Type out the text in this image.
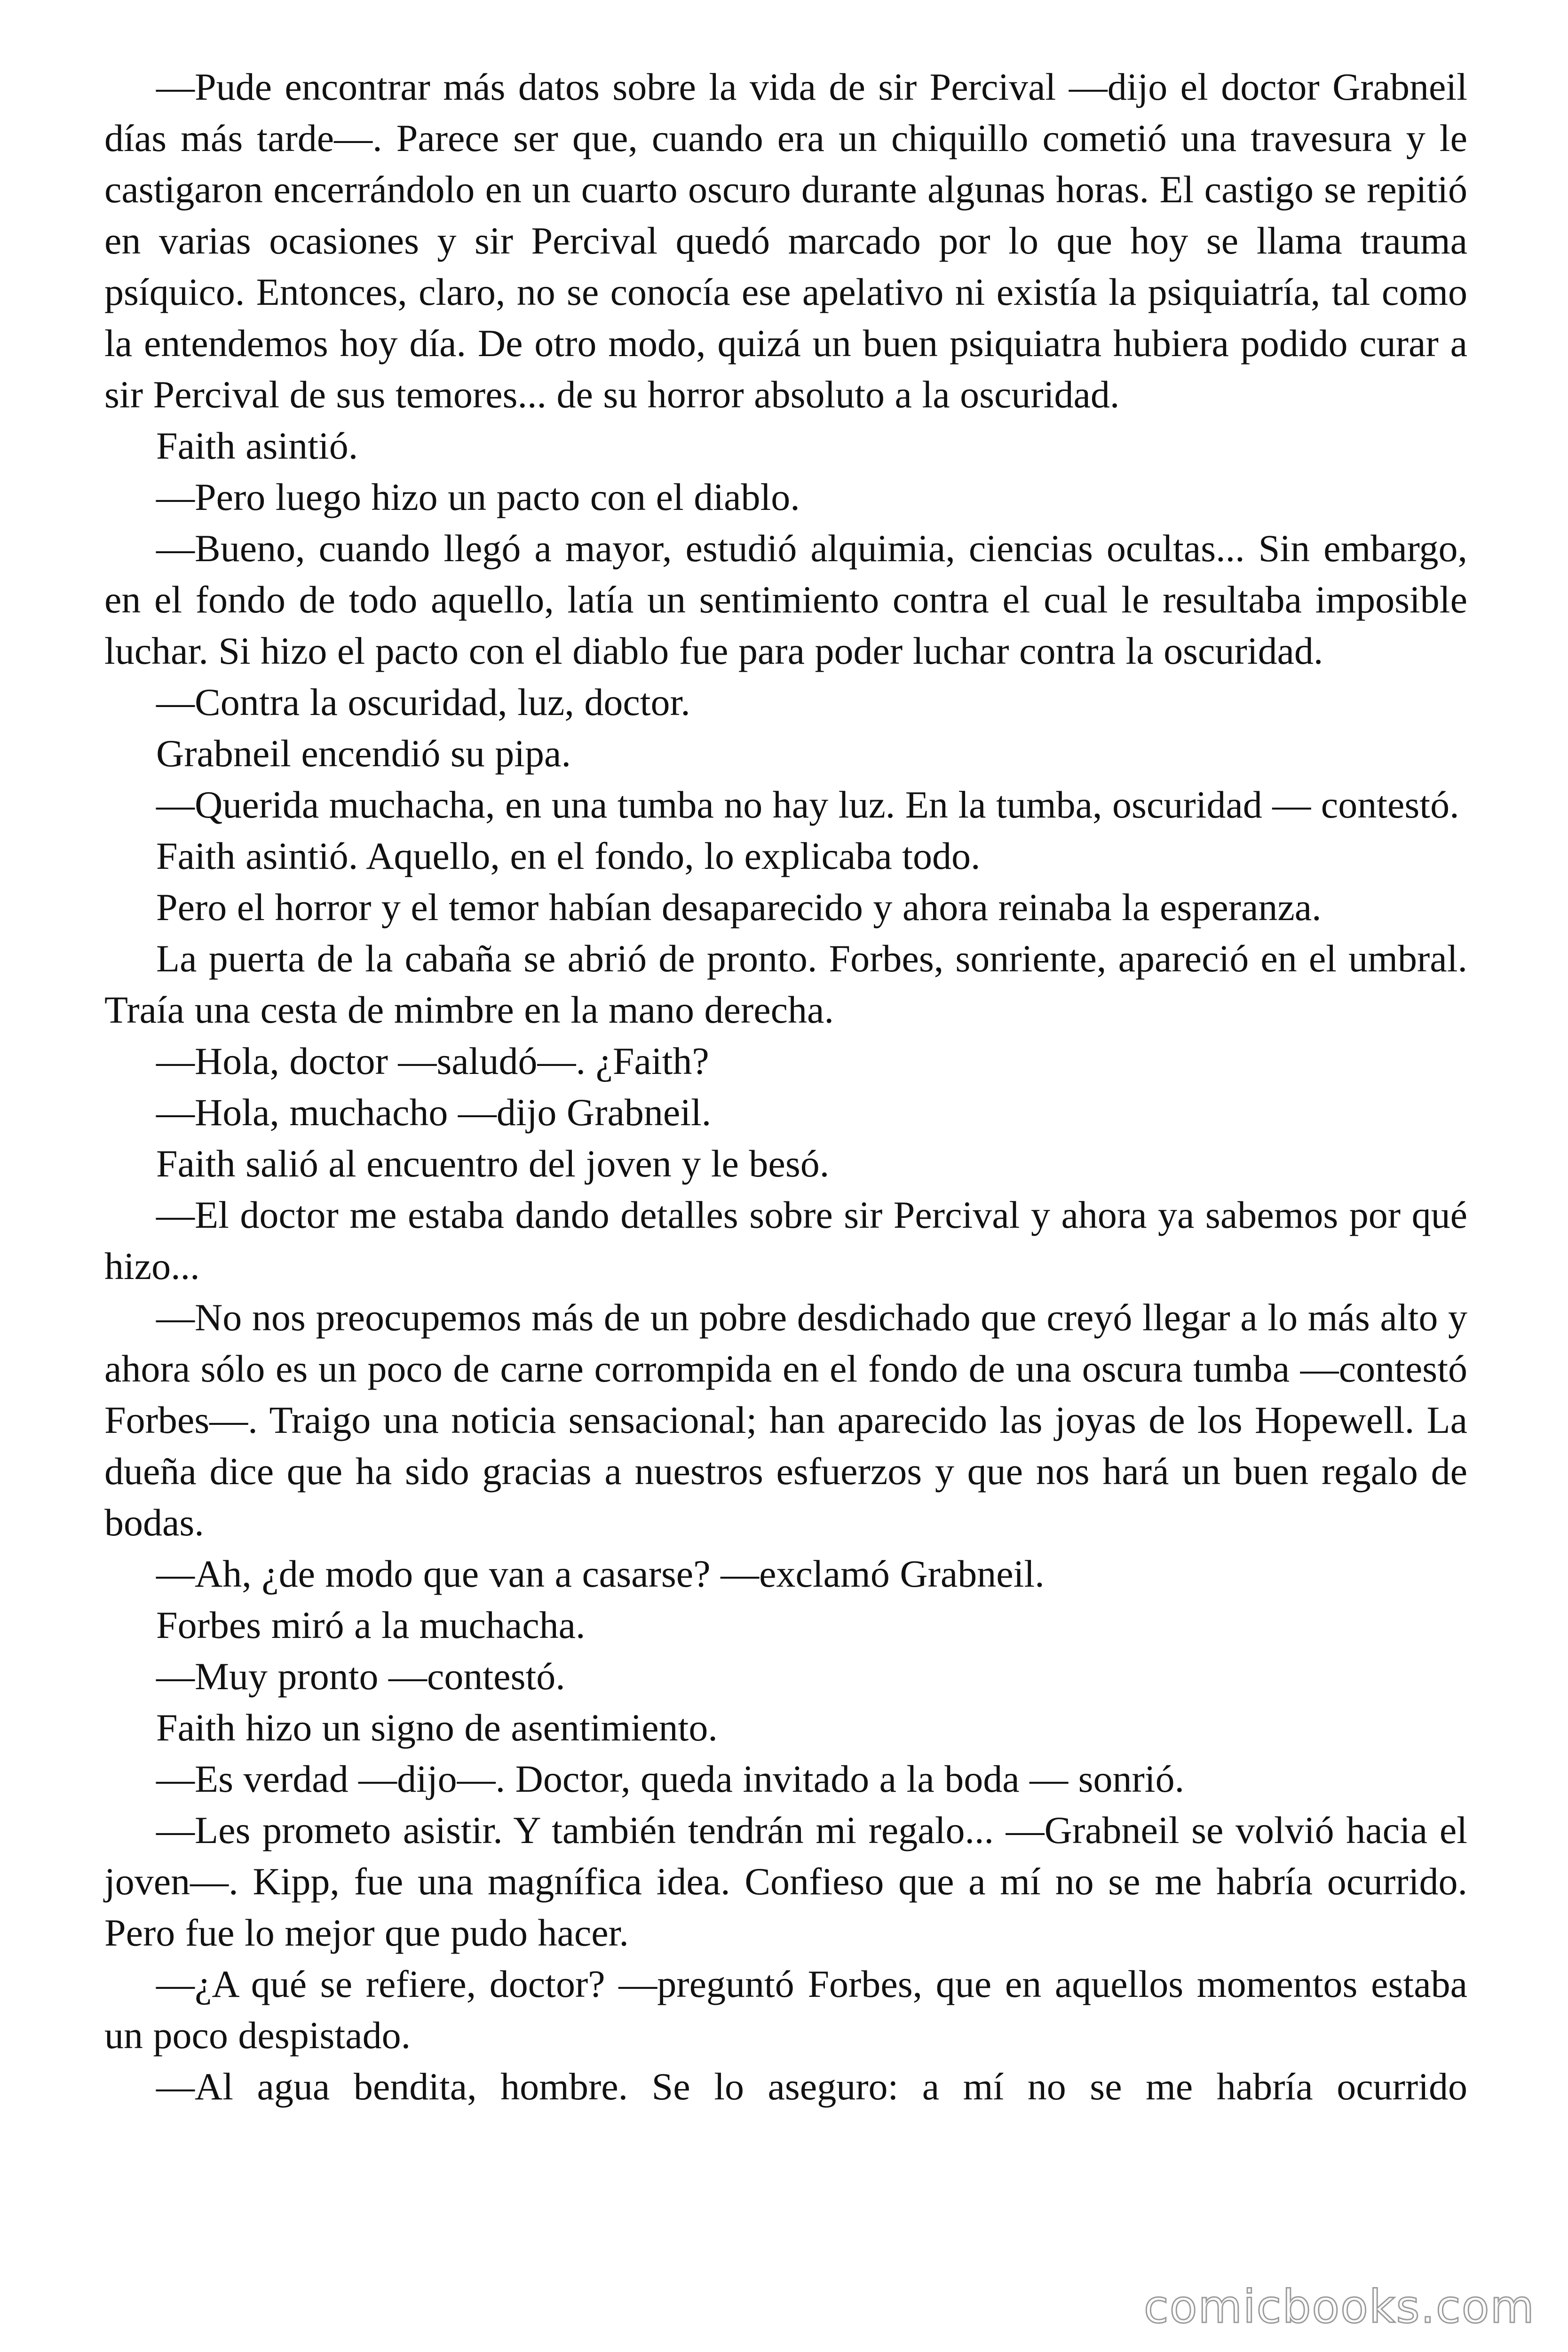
—Pude encontrar más datos sobre la vida de sir Percival —dijo el doctor Grabneil días más tarde—. Parece ser que, cuando era un chiquillo cometió una travesura y le castigaron encerrándolo en un cuarto oscuro durante algunas horas. El castigo se repitió en varias ocasiones y sir Percival quedó marcado por lo que hoy se llama trauma psíquico. Entonces, claro, no se conocía ese apelativo ni existía la psiquiatría, tal como la entendemos hoy día. De otro modo, quizá un buen psiquiatra hubiera podido curar a sir Percival de sus temores... de su horror absoluto a la oscuridad.

Faith asintió.

—Pero luego hizo un pacto con el diablo.

—Bueno, cuando llegó a mayor, estudió alquimia, ciencias ocultas... Sin embargo, en el fondo de todo aquello, latía un sentimiento contra el cual le resultaba imposible luchar. Si hizo el pacto con el diablo fue para poder luchar contra la oscuridad.

—Contra la oscuridad, luz, doctor.

Grabneil encendió su pipa.

—Querida muchacha, en una tumba no hay luz. En la tumba, oscuridad — contestó.

Faith asintió. Aquello, en el fondo, lo explicaba todo.

Pero el horror y el temor habían desaparecido y ahora reinaba la esperanza.

La puerta de la cabaña se abrió de pronto. Forbes, sonriente, apareció en el umbral. Traía una cesta de mimbre en la mano derecha.

—Hola, doctor —saludó—. ¿Faith?

—Hola, muchacho —dijo Grabneil.

Faith salió al encuentro del joven y le besó.

—El doctor me estaba dando detalles sobre sir Percival y ahora ya sabemos por qué hizo...

—No nos preocupemos más de un pobre desdichado que creyó llegar a lo más alto y ahora sólo es un poco de carne corrompida en el fondo de una oscura tumba —contestó Forbes—. Traigo una noticia sensacional; han aparecido las joyas de los Hopewell. La dueña dice que ha sido gracias a nuestros esfuerzos y que nos hará un buen regalo de bodas.

—Ah, ¿de modo que van a casarse? —exclamó Grabneil.

Forbes miró a la muchacha.

—Muy pronto —contestó.

Faith hizo un signo de asentimiento.

—Es verdad —dijo—. Doctor, queda invitado a la boda — sonrió.

—Les prometo asistir. Y también tendrán mi regalo... —Grabneil se volvió hacia el joven—. Kipp, fue una magnífica idea. Confieso que a mí no se me habría ocurrido. Pero fue lo mejor que pudo hacer.

—¿A qué se refiere, doctor? —preguntó Forbes, que en aquellos momentos estaba un poco despistado.

—Al agua bendita, hombre. Se lo aseguro: a mí no se me habría ocurrido

comicbooks.com
